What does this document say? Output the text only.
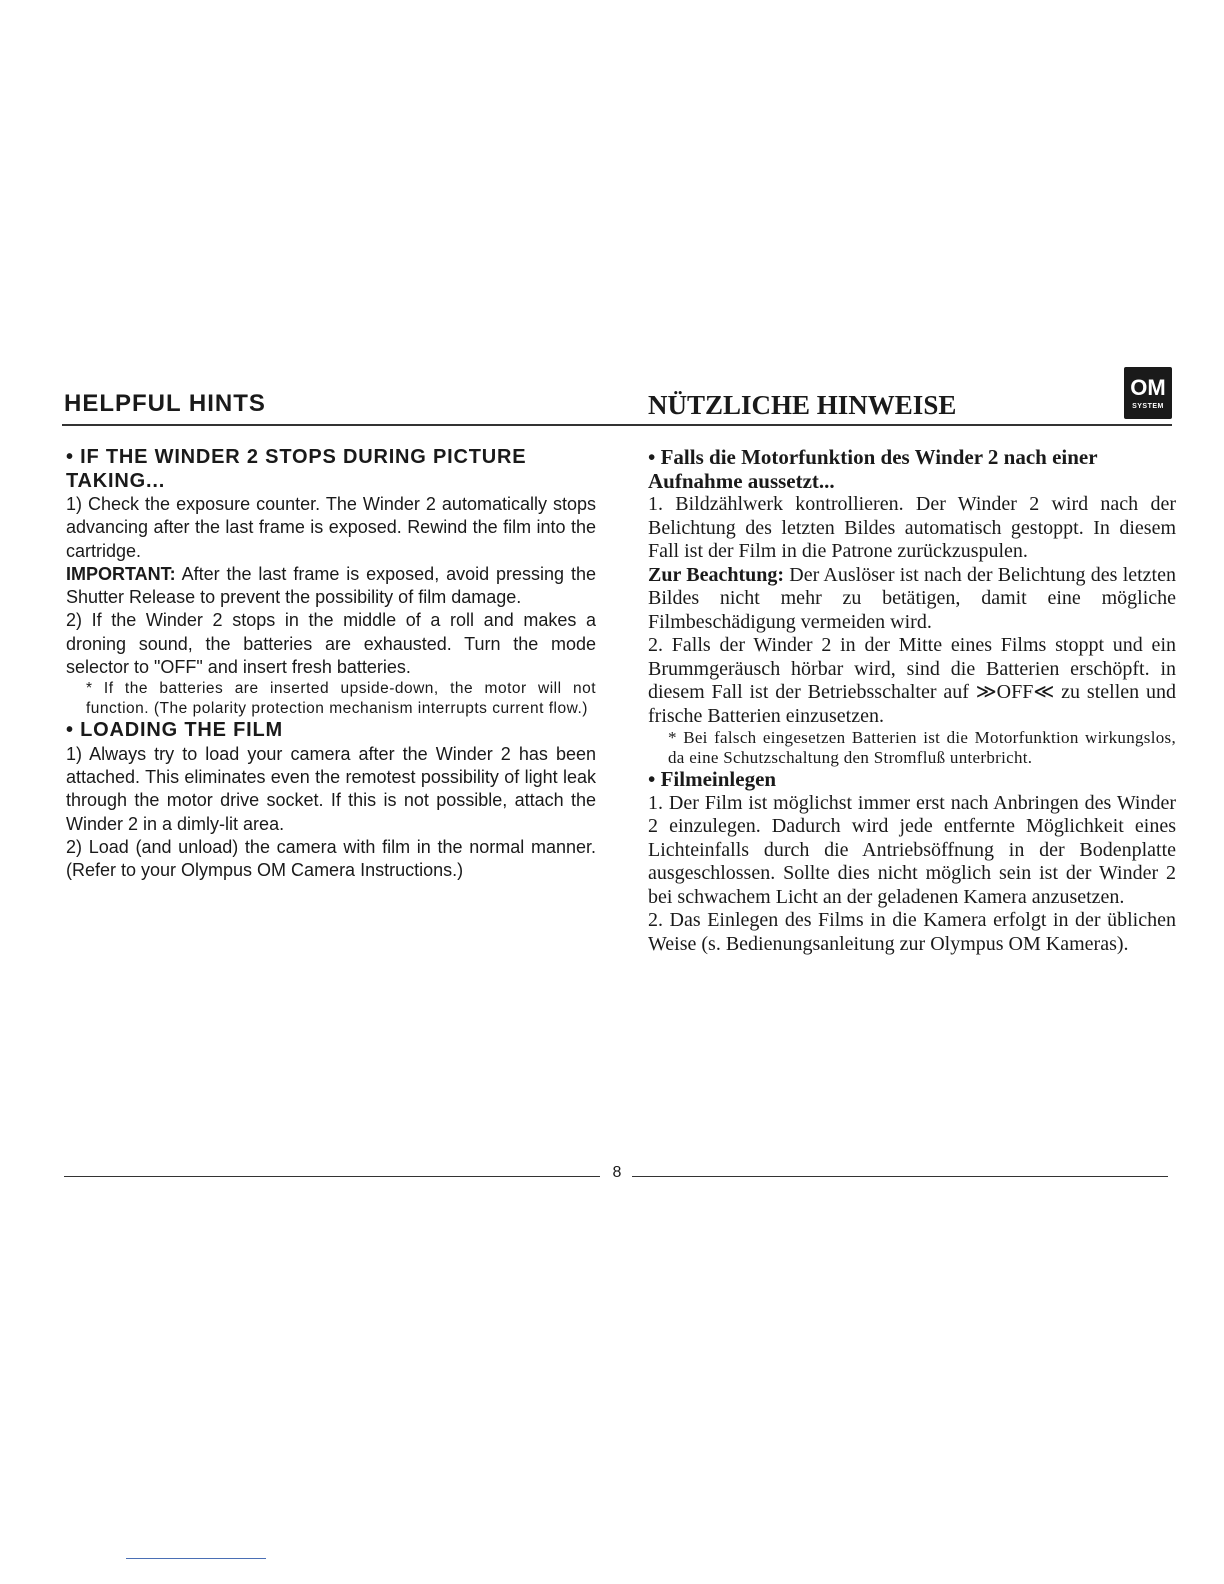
HELPFUL HINTS	NÜTZLICHE HINWEISE
OM
SYSTEM

• IF THE WINDER 2 STOPS DURING PICTURE TAKING...

1) Check the exposure counter. The Winder 2 automatically stops advancing after the last frame is exposed. Rewind the film into the cartridge.

IMPORTANT: After the last frame is exposed, avoid pressing the Shutter Release to prevent the possibility of film damage.

2) If the Winder 2 stops in the middle of a roll and makes a droning sound, the batteries are exhausted. Turn the mode selector to "OFF" and insert fresh batteries.

* If the batteries are inserted upside-down, the motor will not function. (The polarity protection mechanism interrupts current flow.)

• LOADING THE FILM

1) Always try to load your camera after the Winder 2 has been attached. This eliminates even the remotest possibility of light leak through the motor drive socket. If this is not possible, attach the Winder 2 in a dimly-lit area.

2) Load (and unload) the camera with film in the normal manner. (Refer to your Olympus OM Camera Instructions.)

• Falls die Motorfunktion des Winder 2 nach einer Aufnahme aussetzt...

1. Bildzählwerk kontrollieren. Der Winder 2 wird nach der Belichtung des letzten Bildes automatisch gestoppt. In diesem Fall ist der Film in die Patrone zurückzuspulen.

Zur Beachtung: Der Auslöser ist nach der Belichtung des letzten Bildes nicht mehr zu betätigen, damit eine mögliche Filmbeschädigung vermeiden wird.

2. Falls der Winder 2 in der Mitte eines Films stoppt und ein Brummgeräusch hörbar wird, sind die Batterien erschöpft. in diesem Fall ist der Betriebsschalter auf ≫OFF≪ zu stellen und frische Batterien einzusetzen.

* Bei falsch eingesetzen Batterien ist die Motorfunktion wirkungslos, da eine Schutzschaltung den Stromfluß unterbricht.

• Filmeinlegen

1. Der Film ist möglichst immer erst nach Anbringen des Winder 2 einzulegen. Dadurch wird jede entfernte Möglichkeit eines Lichteinfalls durch die Antriebsöffnung in der Bodenplatte ausgeschlossen. Sollte dies nicht möglich sein ist der Winder 2 bei schwachem Licht an der geladenen Kamera anzusetzen.

2. Das Einlegen des Films in die Kamera erfolgt in der üblichen Weise (s. Bedienungsanleitung zur Olympus OM Kameras).

8
